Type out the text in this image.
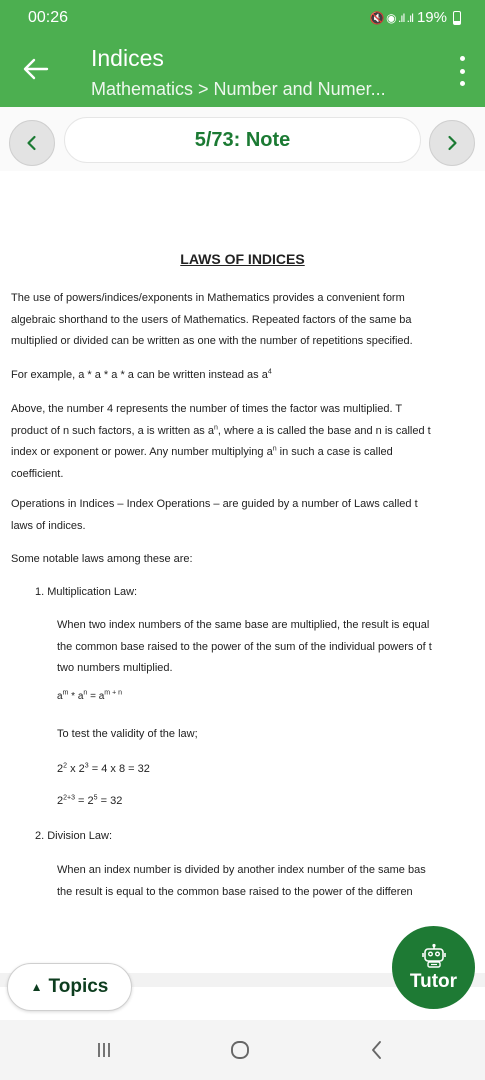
00:26	🔇 ◉ .ıl .ıl 19%
Indices
Mathematics > Number and Numer...
5/73: Note
LAWS OF INDICES
The use of powers/indices/exponents in Mathematics provides a convenient form
algebraic shorthand to the users of Mathematics. Repeated factors of the same ba
multiplied or divided can be written as one with the number of repetitions specified.
For example, a * a * a * a can be written instead as $a^4$
Above, the number 4 represents the number of times the factor was multiplied. T
product of n such factors, a is written as $a^n$, where a is called the base and n is called t
index or exponent or power. Any number multiplying $a^n$ in such a case is called
coefficient.
Operations in Indices – Index Operations – are guided by a number of Laws called t
laws of indices.
Some notable laws among these are:
1. Multiplication Law:
When two index numbers of the same base are multiplied, the result is equal
the common base raised to the power of the sum of the individual powers of t
two numbers multiplied.
$a^m * a^n = a^{m + n}$
To test the validity of the law;
$2^2$ x $2^3 = 4$ x 8 = 32
$2^{2+3} = 2^5 = 32$
2. Division Law:
When an index number is divided by another index number of the same bas
the result is equal to the common base raised to the power of the differen
▲ Topics	Tutor
